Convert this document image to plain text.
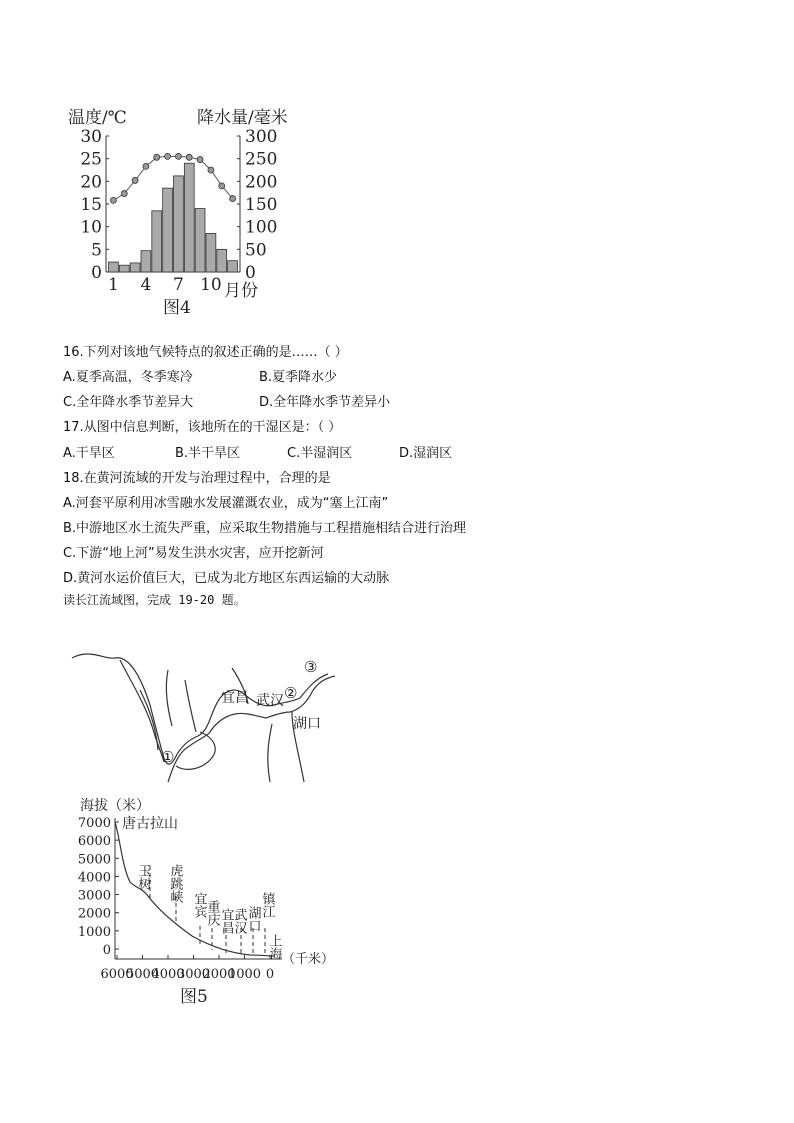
温度/℃	降水量/毫米
30
25
20
15
10
5
0
300
250
200
150
100
50
0
1 4 7 10 月份
图4
16.下列对该地气候特点的叙述正确的是……（ ）
A.夏季高温，冬季寒冷	B.夏季降水少
C.全年降水季节差异大	D.全年降水季节差异小
17.从图中信息判断，该地所在的干湿区是：（ ）
A.干旱区	B.半干旱区	C.半湿润区	D.湿润区
18.在黄河流域的开发与治理过程中，合理的是
A.河套平原利用冰雪融水发展灌溉农业，成为“塞上江南”
B.中游地区水土流失严重，应采取生物措施与工程措施相结合进行治理
C.下游“地上河”易发生洪水灾害，应开挖新河
D.黄河水运价值巨大，已成为北方地区东西运输的大动脉
读长江流域图，完成 19-20 题。
①
②
③
宜昌 武汉
湖口
海拔（米）
7000
6000
5000
4000
3000
2000
1000
0
唐古拉山
玉树 虎跳峡
宜宾
重庆 宜昌
武汉 湖口
镇江
上海
6000
5000
4000
3000
2000
1000 0
（千米）
图5
